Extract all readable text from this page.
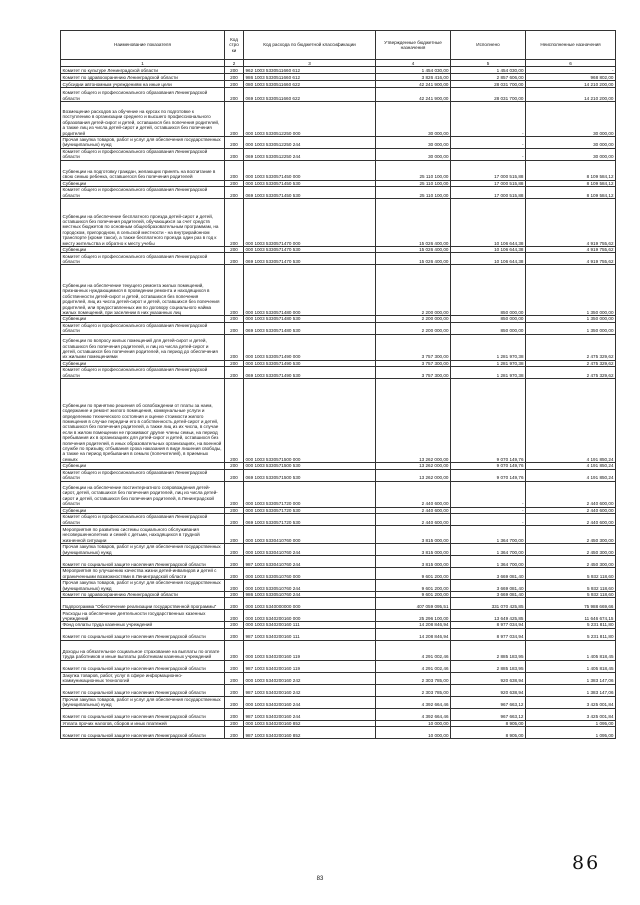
Наименование показателя	Код стро ки	Код расхода по бюджетной классификации	Утвержденные бюджетные назначения	Исполнено	Неисполненные назначения
1	2	3	4	5	6
Комитет по культуре Ленинградской области	200	962 1003 5330511660 612	1 454 030,00	1 454 030,00	-
Комитет по здравоохранению Ленинградской области	200	986 1003 5330511660 612	3 826 416,00	2 857 606,00	968 802,00
Субсидии автономным учреждениям на иные цели	200	080 1003 5330511660 622	42 241 900,00	28 031 700,00	14 210 200,00
Комитет общего и профессионального образования Ленинградской области	200	069 1003 5330511660 622	42 241 900,00	28 031 700,00	14 210 200,00
Возмещение расходов за обучение на курсах по подготовке к поступлению в организации среднего и высшего профессионального образования детей-сирот и детей, оставшихся без попечения родителей, а также лиц из числа детей-сирот и детей, оставшихся без попечения родителей	200	000 1003 5330512250 000	30 000,00	-	30 000,00
Прочая закупка товаров, работ и услуг для обеспечения государственных (муниципальных) нужд	200	000 1003 5330512250 244	30 000,00	-	30 000,00
Комитет общего и профессионального образования Ленинградской области	200	069 1003 5330512250 244	30 000,00	-	30 000,00
Субвенции на подготовку граждан, желающих принять на воспитание в свою семью ребенка, оставшегося без попечения родителей	200	000 1003 5330571450 000	25 110 100,00	17 000 515,88	8 109 584,12
Субвенции	200	000 1003 5330571450 530	25 110 100,00	17 000 515,88	8 109 584,12
Комитет общего и профессионального образования Ленинградской области	200	069 1003 5330571450 530	25 110 100,00	17 000 515,88	8 109 584,12
Субвенции на обеспечение бесплатного проезда детей-сирот и детей, оставшихся без попечения родителей, обучающихся за счет средств местных бюджетов по основным общеобразовательным программам, на городском, пригородном, в сельской местности - на внутрирайонном транспорте (кроме такси), а также бесплатного проезда один раз в год к месту жительства и обратно к месту учебы	200	000 1003 5330571470 000	15 026 400,00	10 106 644,38	4 919 755,62
Субвенции	200	000 1003 5330571470 530	15 026 400,00	10 106 644,38	4 919 755,62
Комитет общего и профессионального образования Ленинградской области	200	069 1003 5330571470 530	15 026 400,00	10 106 644,38	4 919 755,62
Субвенции на обеспечение текущего ремонта жилых помещений, признанных нуждающимися в проведении ремонта и находящихся в собственности детей-сирот и детей, оставшихся без попечения родителей, лиц из числа детей-сирот и детей, оставшихся без попечения родителей, или предоставленных им по договору социального найма жилых помещений, при заселении в них указанных лиц	200	000 1003 5330571480 000	2 200 000,00	850 000,00	1 350 000,00
Субвенции	200	000 1003 5330571480 530	2 200 000,00	850 000,00	1 350 000,00
Комитет общего и профессионального образования Ленинградской области	200	069 1003 5330571480 530	2 200 000,00	850 000,00	1 350 000,00
Субвенции по вопросу жилых помещений для детей-сирот и детей, оставшихся без попечения родителей, и лиц из числа детей-сирот и детей, оставшихся без попечения родителей, на период до обеспечения их жилыми помещениями	200	000 1003 5330571490 000	3 757 300,00	1 281 970,38	2 475 329,62
Субвенции	200	000 1003 5330571490 530	3 757 300,00	1 281 970,38	2 475 329,62
Комитет общего и профессионального образования Ленинградской области	200	069 1003 5330571490 530	3 757 300,00	1 281 970,38	2 475 329,62
Субвенции по принятию решения об освобождении от платы за наем, содержание и ремонт жилого помещения, коммунальные услуги и определению технического состояния и оценке стоимости жилого помещения в случае передачи его в собственность детей-сирот и детей, оставшихся без попечения родителей, а также лиц из их числа, в случае если в жилом помещении не проживают другие члены семьи, на период пребывания их в организациях для детей-сирот и детей, оставшихся без попечения родителей, в иных образовательных организациях, на военной службе по призыву, отбывания срока наказания в виде лишения свободы, а также на период пребывания в семьях (попечителей), в приемных семьях	200	000 1003 5330571500 000	13 262 000,00	9 070 149,76	4 191 850,24
Субвенции	200	000 1003 5330571500 530	13 262 000,00	9 070 149,76	4 191 850,24
Комитет общего и профессионального образования Ленинградской области	200	069 1003 5330571500 530	13 262 000,00	9 070 149,76	4 191 850,24
Субвенции на обеспечение постинтернатного сопровождения детей-сирот, детей, оставшихся без попечения родителей, лиц из числа детей-сирот и детей, оставшихся без попечения родителей, в Ленинградской области	200	000 1003 5330571720 000	2 440 600,00	-	2 440 600,00
Субвенции	200	000 1003 5330571720 530	2 440 600,00	-	2 440 600,00
Комитет общего и профессионального образования Ленинградской области	200	069 1003 5330571720 530	2 440 600,00	-	2 440 600,00
Мероприятия по развитию системы социального обслуживания несовершеннолетних и семей с детьми, находящихся в трудной жизненной ситуации	200	000 1003 5330410760 000	3 815 000,00	1 364 700,00	2 450 300,00
Прочая закупка товаров, работ и услуг для обеспечения государственных (муниципальных) нужд	200	000 1003 5330410760 244	3 815 000,00	1 364 700,00	2 450 300,00
Комитет по социальной защите населения Ленинградской области	200	987 1003 5330410760 244	3 815 000,00	1 364 700,00	2 450 300,00
Мероприятия по улучшению качества жизни детей-инвалидов и детей с ограниченными возможностями в Ленинградской области	200	000 1003 5330510760 000	9 601 200,00	3 669 081,40	5 932 118,60
Прочая закупка товаров, работ и услуг для обеспечения государственных (муниципальных) нужд	200	000 1003 5330510760 244	9 601 200,00	3 669 081,40	5 932 118,60
Комитет по здравоохранению Ленинградской области	200	986 1003 5330510760 244	9 601 200,00	3 669 081,40	5 932 118,60
Подпрограмма "Обеспечение реализации государственной программы"	200	000 1003 5340000000 000	407 059 095,51	331 070 425,85	75 988 669,66
Расходы на обеспечение деятельности государственных казенных учреждений	200	000 1003 5340200160 000	25 296 100,00	13 649 425,85	11 646 674,15
Фонд оплаты труда казенных учреждений	200	000 1003 5340200160 111	14 208 846,94	8 977 034,94	5 231 811,80
Комитет по социальной защите населения Ленинградской области	200	987 1003 5340200160 111	14 208 846,94	8 977 034,94	5 231 811,80
Доходы на обязательное социальное страхование на выплаты по оплате труда работников и иные выплаты работникам казенных учреждений	200	000 1003 5340200160 119	4 291 002,46	2 885 183,95	1 405 818,45
Комитет по социальной защите населения Ленинградской области	200	987 1003 5340200160 119	4 291 002,46	2 885 183,95	1 405 818,45
Закупка товаров, работ, услуг в сфере информационно-коммуникационных технологий	200	000 1003 5340200160 242	2 303 785,00	920 638,94	1 383 147,06
Комитет по социальной защите населения Ленинградской области	200	987 1003 5340200160 242	2 303 785,00	920 638,94	1 383 147,06
Прочая закупка товаров, работ и услуг для обеспечения государственных (муниципальных) нужд	200	000 1003 5340200160 244	4 392 664,46	967 663,12	3 425 001,84
Комитет по социальной защите населения Ленинградской области	200	987 1003 5340200160 244	4 392 664,46	967 663,12	3 425 001,84
Уплата прочих налогов, сборов и иных платежей	200	000 1003 5340200160 852	10 000,00	8 905,00	1 095,00
Комитет по социальной защите населения Ленинградской области	200	987 1003 5340200160 852	10 000,00	8 905,00	1 095,00
83
86
